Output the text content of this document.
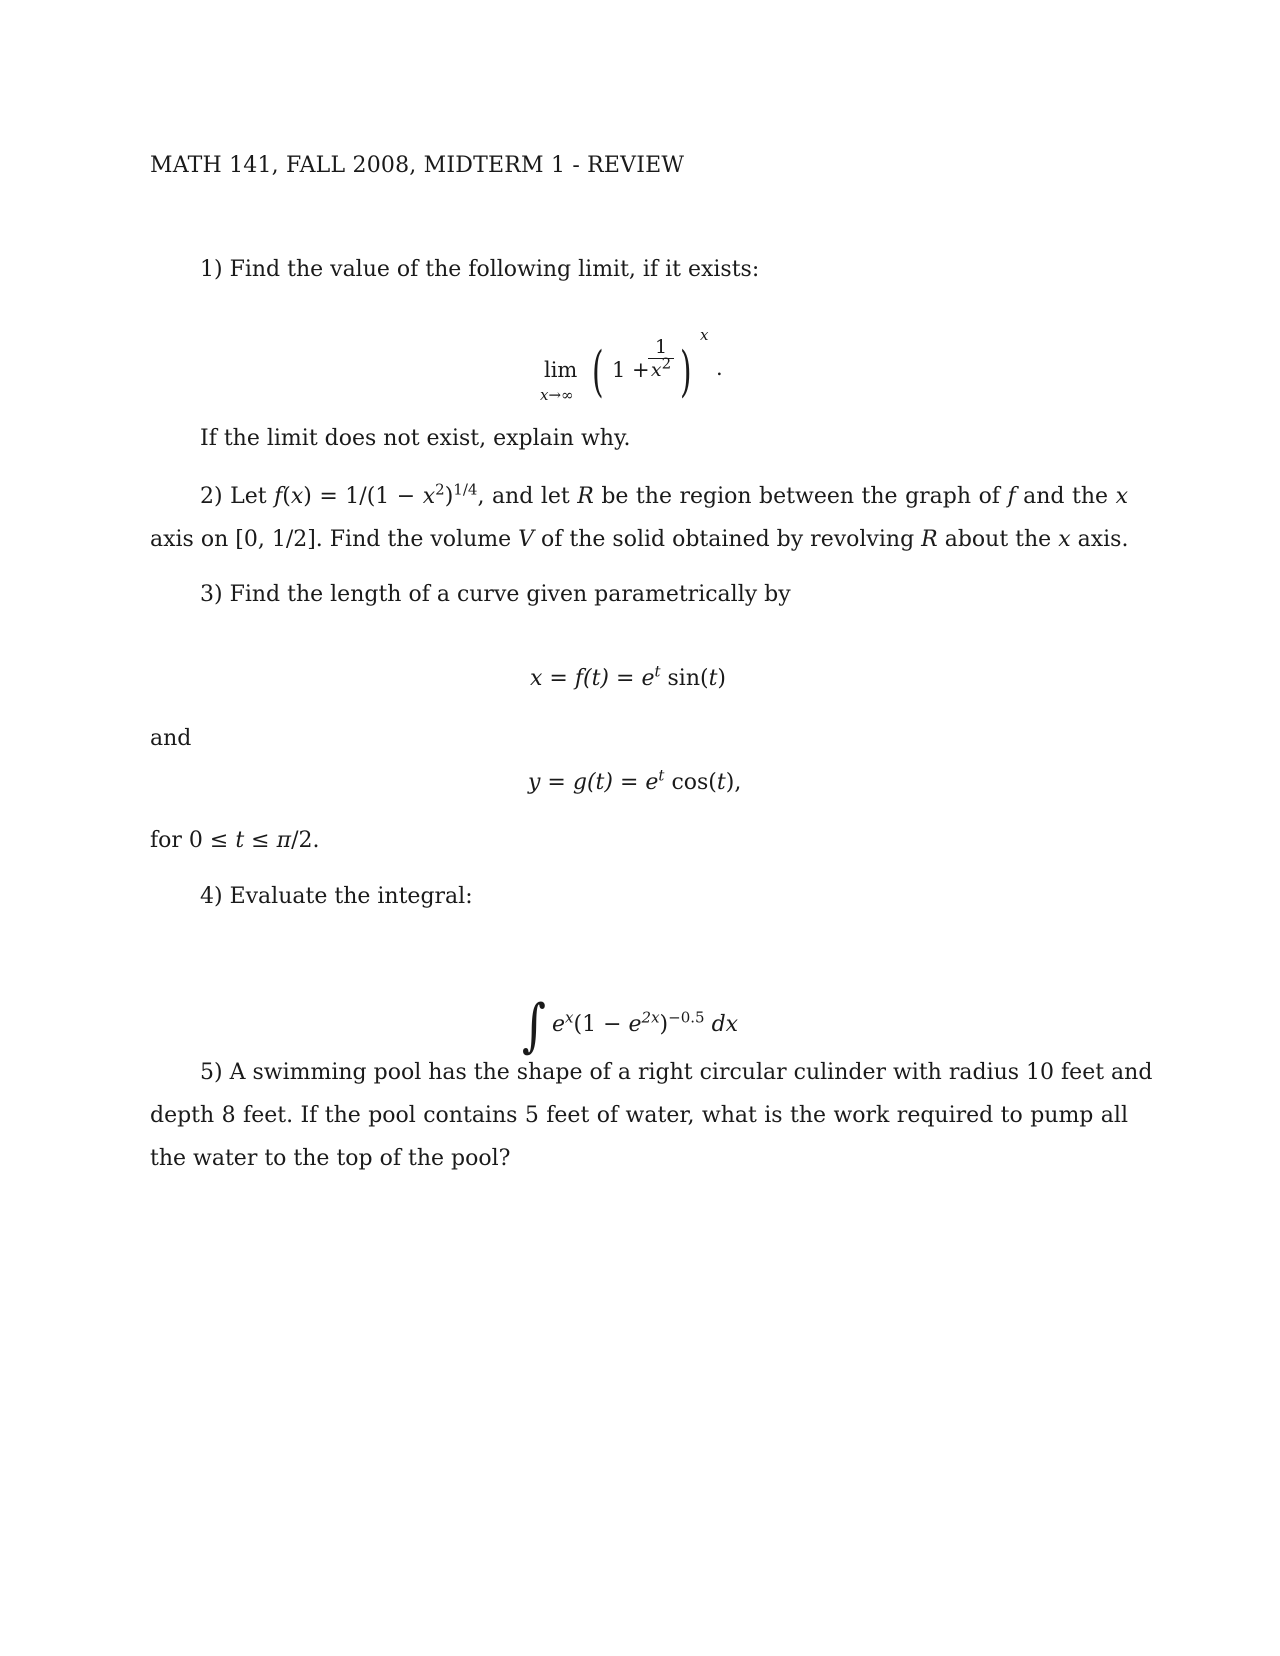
MATH 141, FALL 2008, MIDTERM 1 - REVIEW
1) Find the value of the following limit, if it exists:
lim
x→∞ ( 1 +
1
$x^2$ )
x
.
If the limit does not exist, explain why.
2) Let $f(x) = 1/(1 - x^2)^{1/4}$, and let R be the region between the graph of f and the x
axis on [0, 1/2]. Find the volume V of the solid obtained by revolving R about the x axis.
3) Find the length of a curve given parametrically by
$x = f(t) = e^t$ sin(t)
and
$y = g(t) = e^t$ cos(t),
for 0 ≤ t ≤ π/2.
4) Evaluate the integral:
∫ $e^x(1 - e^{2x})^{-0.5}$ dx
5) A swimming pool has the shape of a right circular culinder with radius 10 feet and
depth 8 feet. If the pool contains 5 feet of water, what is the work required to pump all
the water to the top of the pool?
